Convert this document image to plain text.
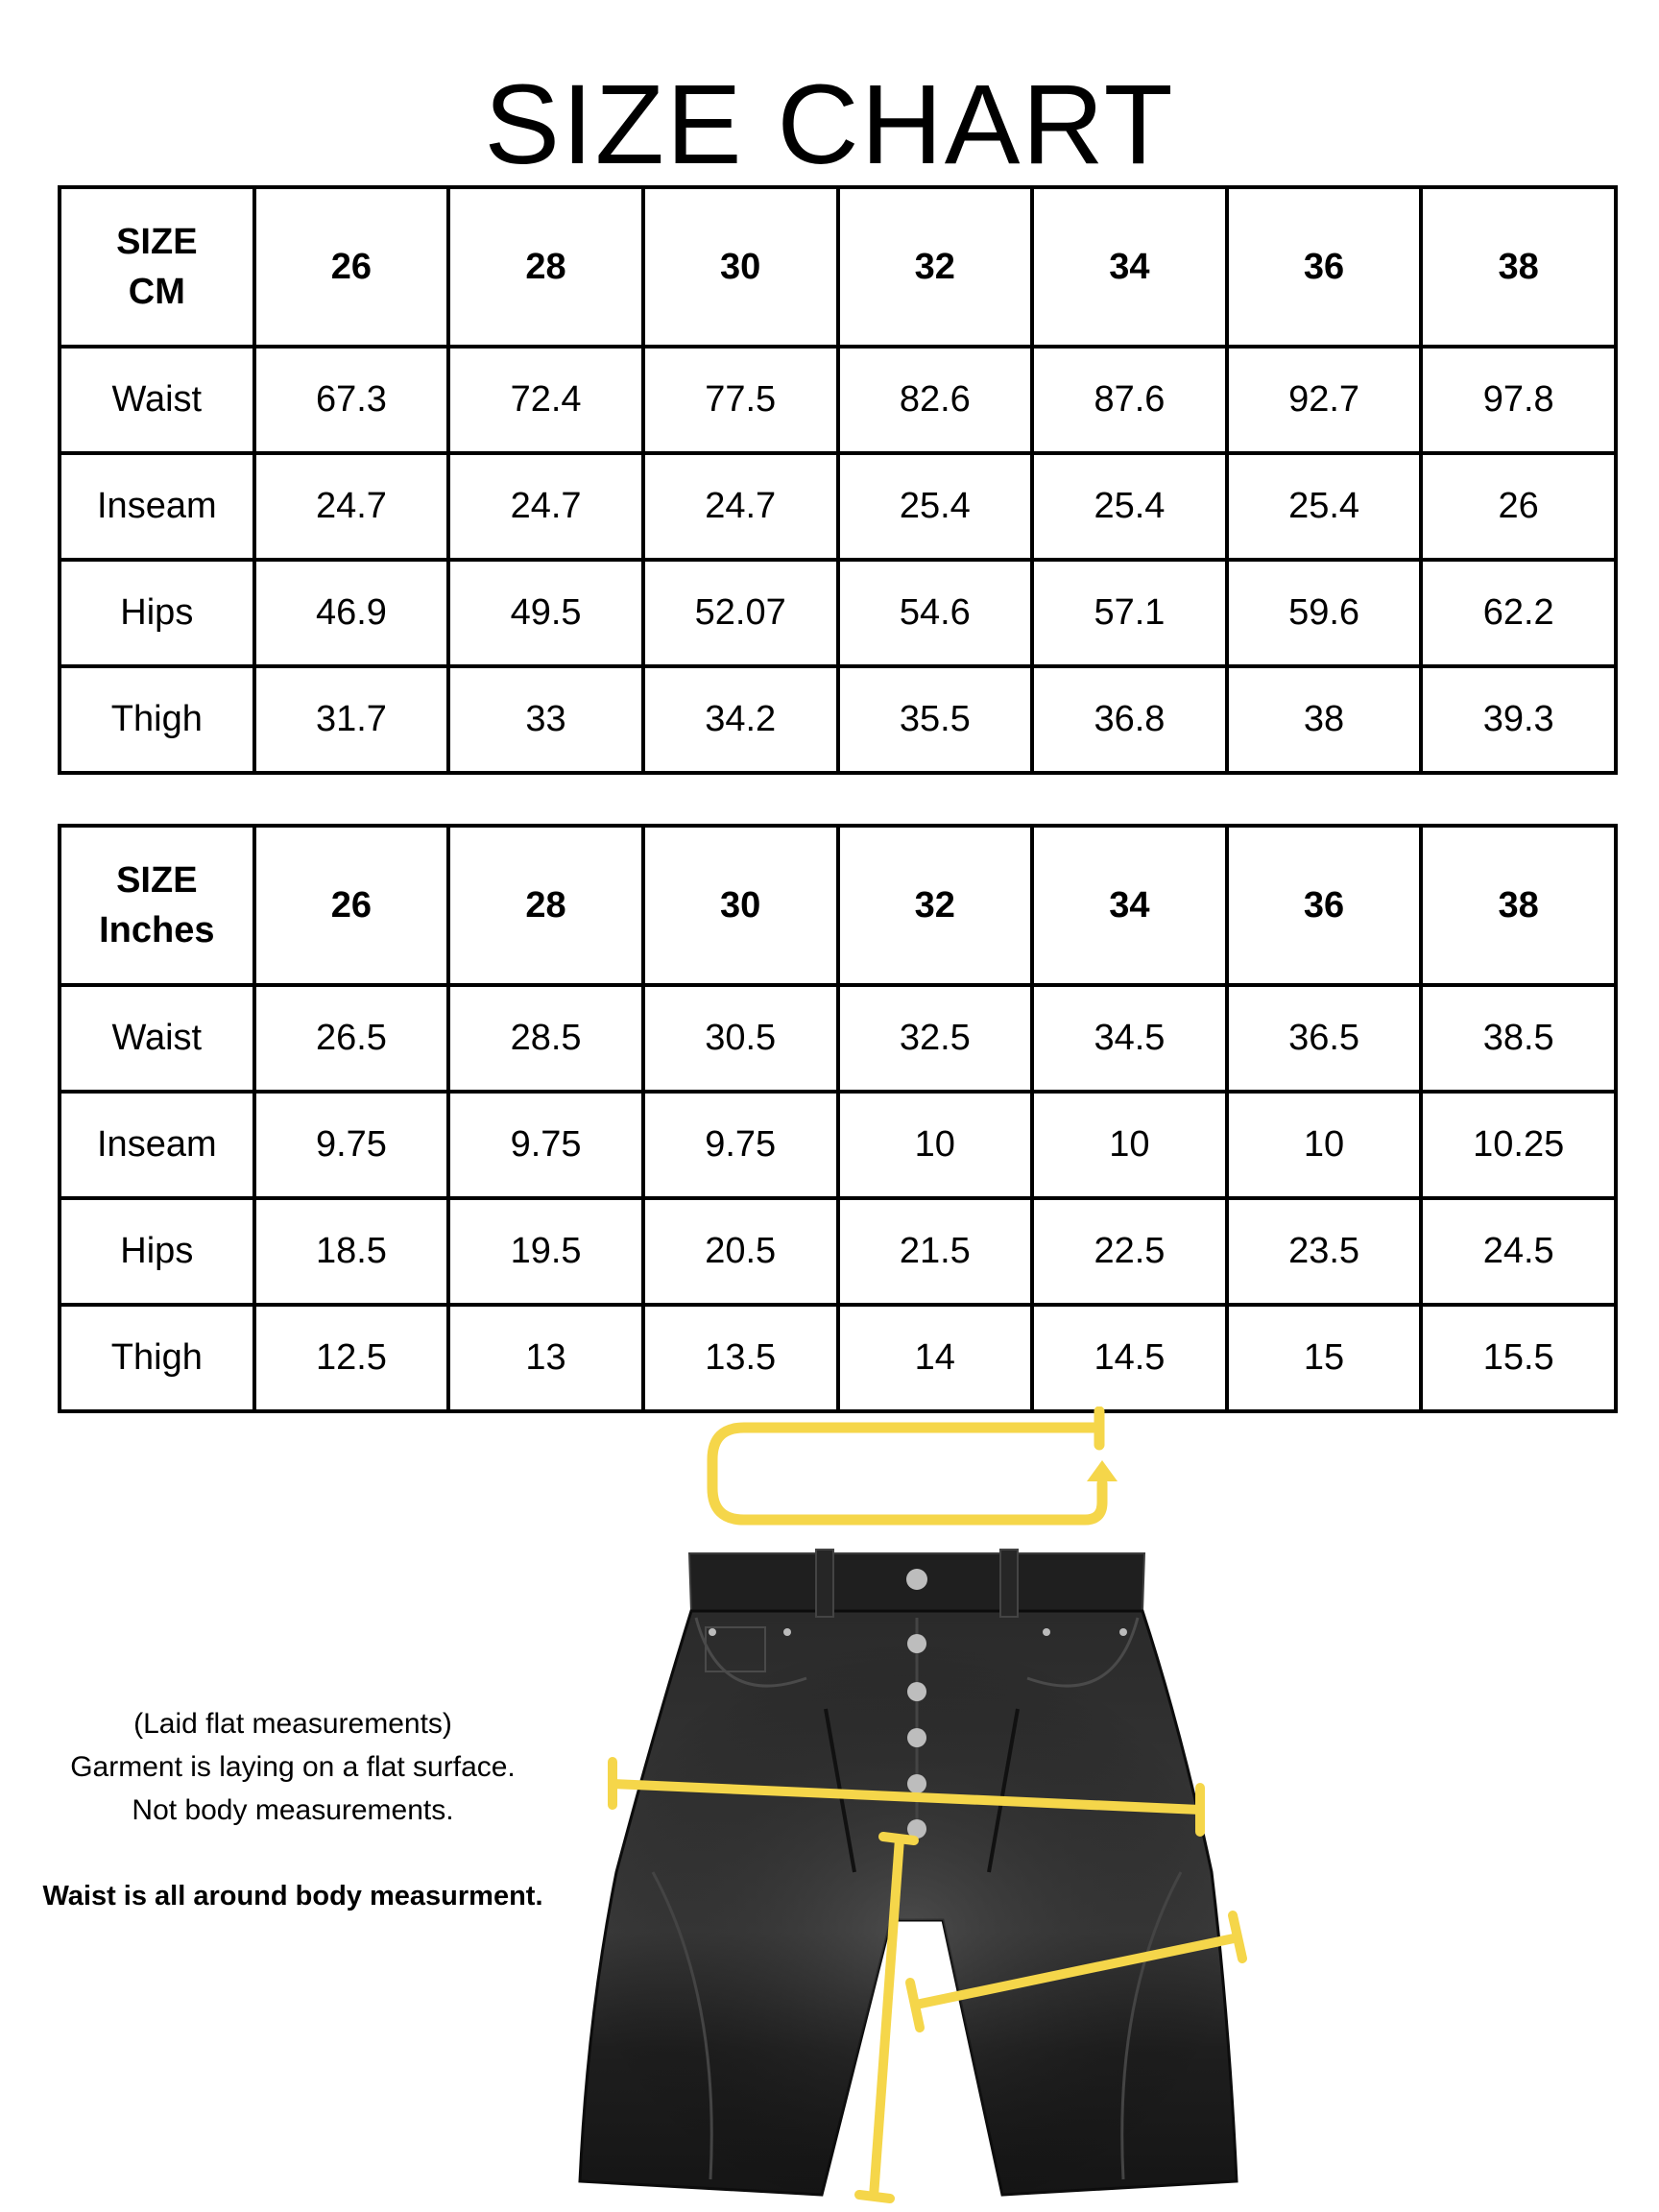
SIZE CHART
SIZE
CM	26	28	30	32	34	36	38
Waist	67.3	72.4	77.5	82.6	87.6	92.7	97.8
Inseam	24.7	24.7	24.7	25.4	25.4	25.4	26
Hips	46.9	49.5	52.07	54.6	57.1	59.6	62.2
Thigh	31.7	33	34.2	35.5	36.8	38	39.3
SIZE
Inches	26	28	30	32	34	36	38
Waist	26.5	28.5	30.5	32.5	34.5	36.5	38.5
Inseam	9.75	9.75	9.75	10	10	10	10.25
Hips	18.5	19.5	20.5	21.5	22.5	23.5	24.5
Thigh	12.5	13	13.5	14	14.5	15	15.5
(Laid flat measurements)
Garment is laying on a flat surface.
Not body measurements.
Waist is all around body measurment.
